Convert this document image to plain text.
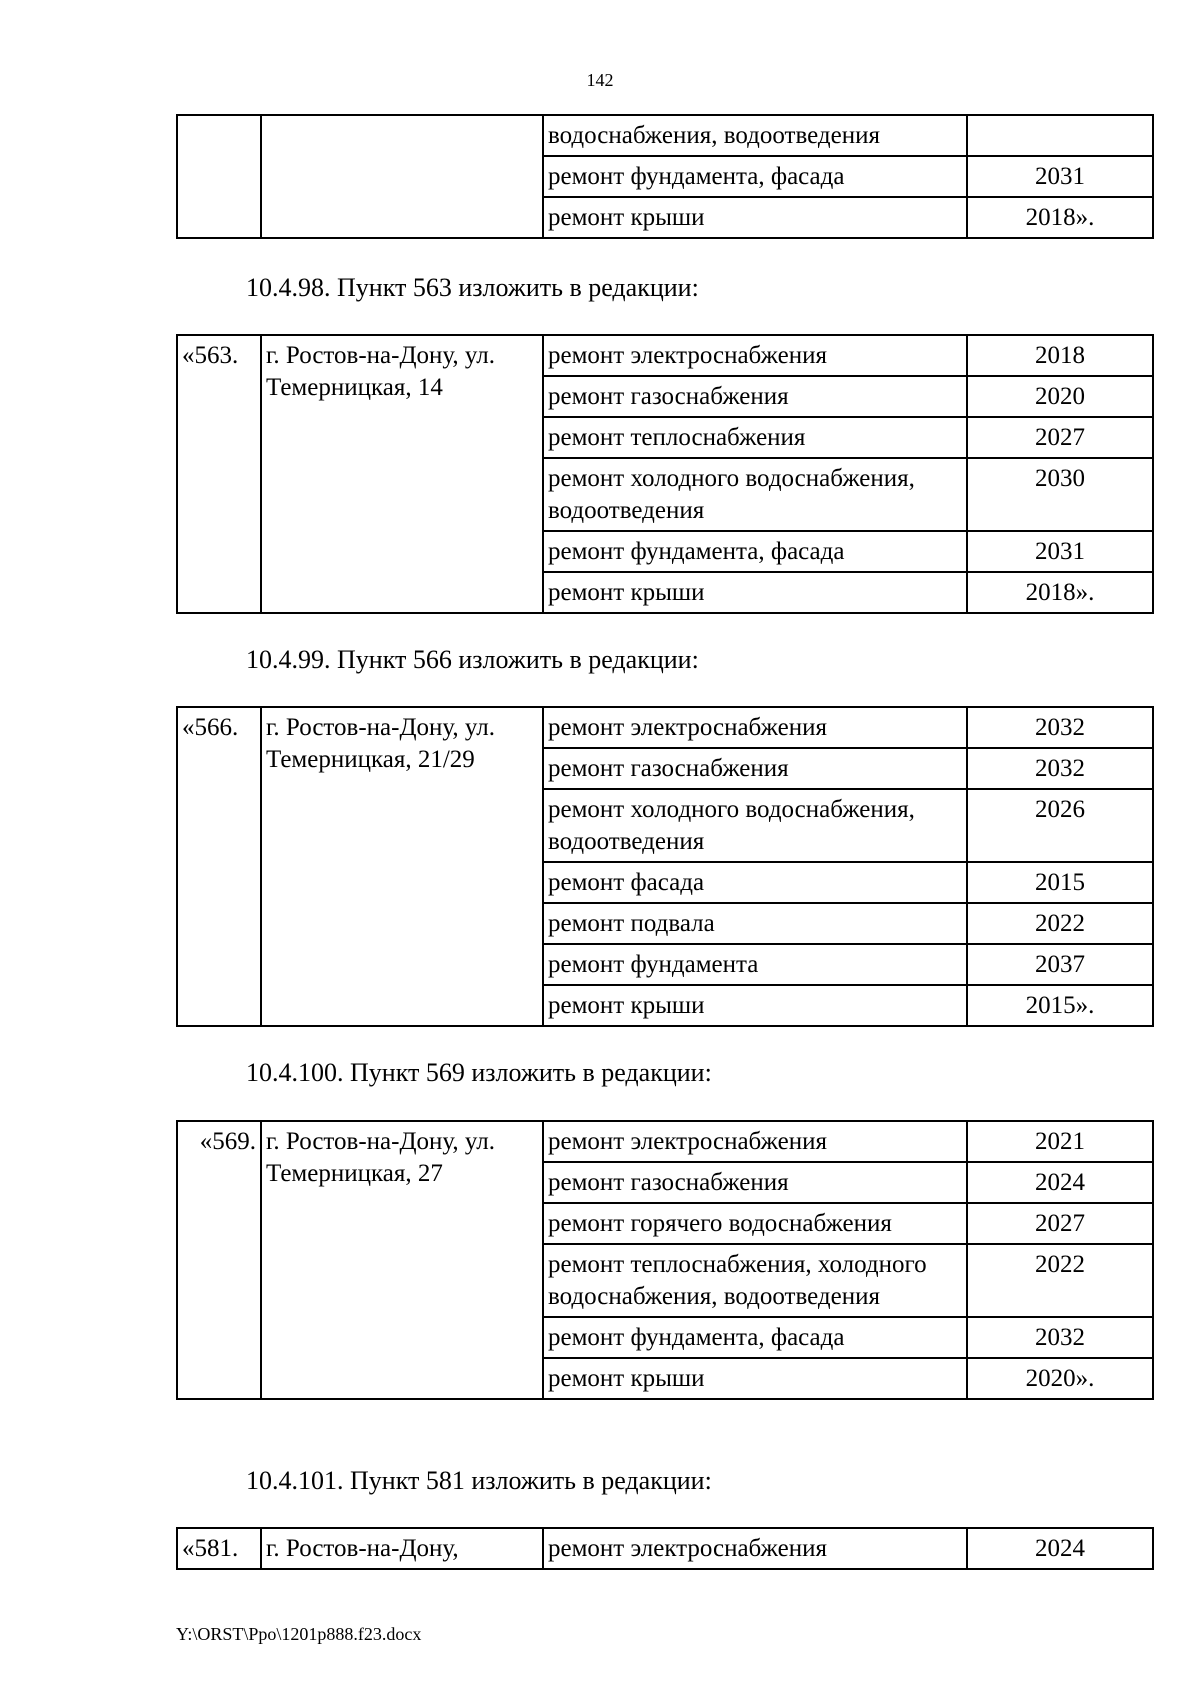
142
		водоснабжения, водоотведения	
		ремонт фундамента, фасада	2031
		ремонт крыши	2018».
10.4.98. Пункт 563 изложить в редакции:
«563.	г. Ростов-на-Дону, ул. Темерницкая, 14	ремонт электроснабжения	2018
		ремонт газоснабжения	2020
		ремонт теплоснабжения	2027
		ремонт холодного водоснабжения, водоотведения	2030
		ремонт фундамента, фасада	2031
		ремонт крыши	2018».
10.4.99. Пункт 566 изложить в редакции:
«566.	г. Ростов-на-Дону, ул. Темерницкая, 21/29	ремонт электроснабжения	2032
		ремонт газоснабжения	2032
		ремонт холодного водоснабжения, водоотведения	2026
		ремонт фасада	2015
		ремонт подвала	2022
		ремонт фундамента	2037
		ремонт крыши	2015».
10.4.100. Пункт 569 изложить в редакции:
«569.	г. Ростов-на-Дону, ул. Темерницкая, 27	ремонт электроснабжения	2021
		ремонт газоснабжения	2024
		ремонт горячего водоснабжения	2027
		ремонт теплоснабжения, холодного водоснабжения, водоотведения	2022
		ремонт фундамента, фасада	2032
		ремонт крыши	2020».
10.4.101. Пункт 581 изложить в редакции:
«581.	г. Ростов-на-Дону,	ремонт электроснабжения	2024
Y:\ORST\Ppo\1201p888.f23.docx
